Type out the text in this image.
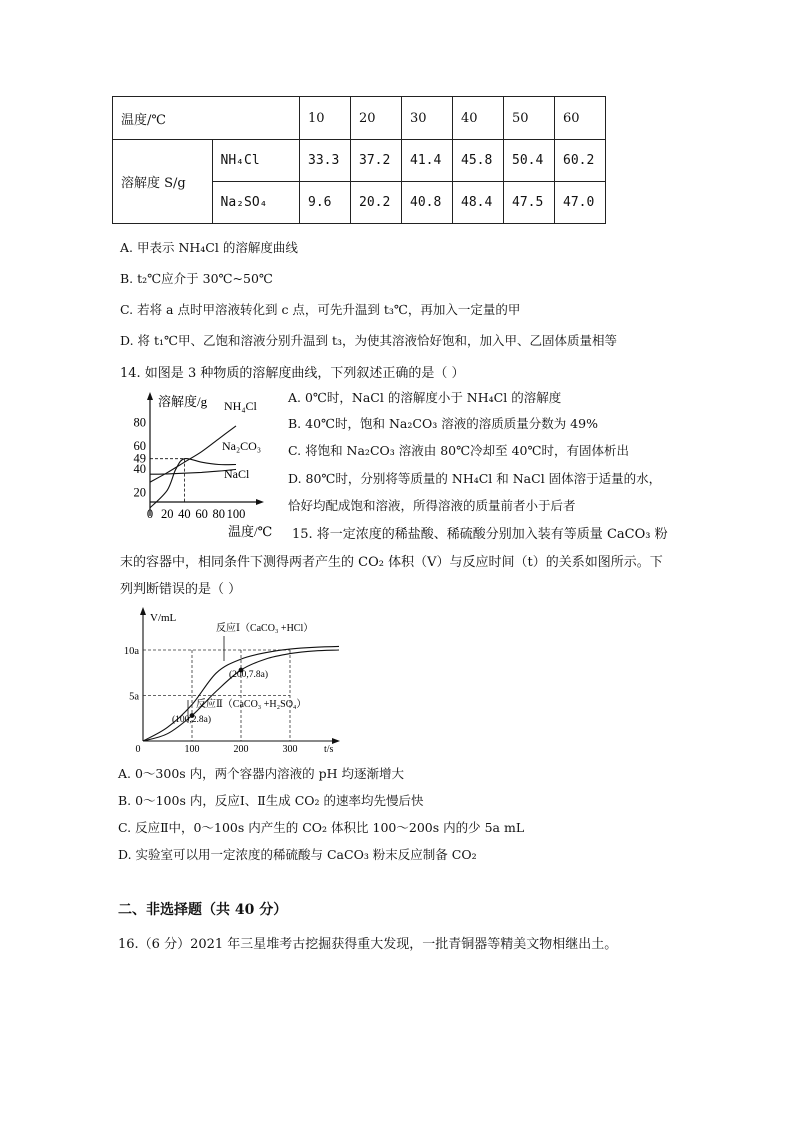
温度/℃		10	20	30	40	50	60
溶解度 S/g	NH₄Cl	33.3	37.2	41.4	45.8	50.4	60.2
	Na₂SO₄	9.6	20.2	40.8	48.4	47.5	47.0
A. 甲表示 NH₄Cl 的溶解度曲线
B. t₂℃应介于 30℃~50℃
C. 若将 a 点时甲溶液转化到 c 点，可先升温到 t₃℃，再加入一定量的甲
D. 将 t₁℃甲、乙饱和溶液分别升温到 t₃，为使其溶液恰好饱和，加入甲、乙固体质量相等
14. 如图是 3 种物质的溶解度曲线，下列叙述正确的是（ ）
A. 0℃时，NaCl 的溶解度小于 NH₄Cl 的溶解度
B. 40℃时，饱和 Na₂CO₃ 溶液的溶质质量分数为 49%
C. 将饱和 Na₂CO₃ 溶液由 80℃冷却至 40℃时，有固体析出
D. 80℃时，分别将等质量的 NH₄Cl 和 NaCl 固体溶于适量的水，
恰好均配成饱和溶液，所得溶液的质量前者小于后者
溶解度/g
温度/℃
80
60
49
40
20
0 20 40 60 80 100
NH₄Cl
Na₂CO₃
NaCl
15. 将一定浓度的稀盐酸、稀硫酸分别加入装有等质量 CaCO₃ 粉
末的容器中，相同条件下测得两者产生的 CO₂ 体积（V）与反应时间（t）的关系如图所示。下
列判断错误的是（ ）
V/mL
t/s
10a
5a
0	100	200	300
反应Ⅰ（CaCO₃ +HCl）
反应Ⅱ（CaCO₃ +H₂SO₄）
(200,7.8a)
(100,2.8a)
A. 0～300s 内，两个容器内溶液的 pH 均逐渐增大
B. 0～100s 内，反应Ⅰ、Ⅱ生成 CO₂ 的速率均先慢后快
C. 反应Ⅱ中，0～100s 内产生的 CO₂ 体积比 100～200s 内的少 5a mL
D. 实验室可以用一定浓度的稀硫酸与 CaCO₃ 粉末反应制备 CO₂
二、非选择题（共 40 分）
16.（6 分）2021 年三星堆考古挖掘获得重大发现，一批青铜器等精美文物相继出土。
